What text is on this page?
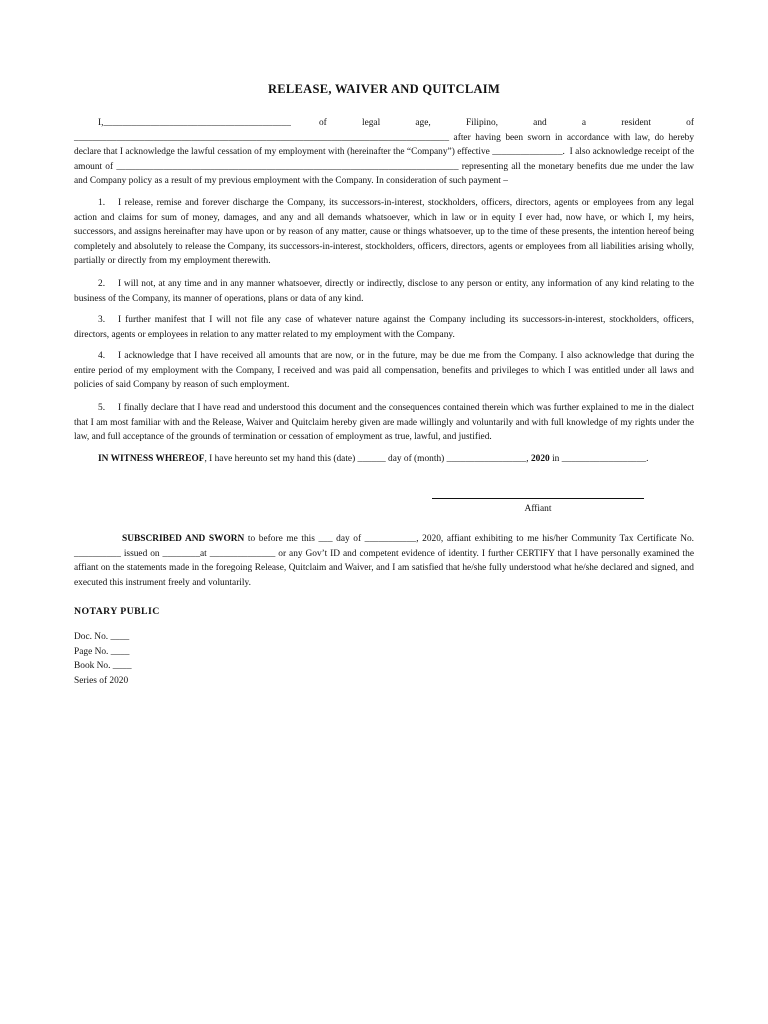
RELEASE, WAIVER AND QUITCLAIM

I, ________________________________________	of	legal	age,	Filipino,	and	a	resident	of

________________________________________________________________________________ after having been sworn in accordance with law, do hereby declare that I acknowledge the lawful cessation of my employment with (hereinafter the “Company”) effective _______________. I also acknowledge receipt of the amount of _________________________________________________________________________ representing all the monetary benefits due me under the law and Company policy as a result of my previous employment with the Company. In consideration of such payment –

1. I release, remise and forever discharge the Company, its successors-in-interest, stockholders, officers, directors, agents or employees from any legal action and claims for sum of money, damages, and any and all demands whatsoever, which in law or in equity I ever had, now have, or which I, my heirs, successors, and assigns hereinafter may have upon or by reason of any matter, cause or things whatsoever, up to the time of these presents, the intention hereof being completely and absolutely to release the Company, its successors-in-interest, stockholders, officers, directors, agents or employees from all liabilities arising wholly, partially or directly from my employment therewith.

2. I will not, at any time and in any manner whatsoever, directly or indirectly, disclose to any person or entity, any information of any kind relating to the business of the Company, its manner of operations, plans or data of any kind.

3. I further manifest that I will not file any case of whatever nature against the Company including its successors-in-interest, stockholders, officers, directors, agents or employees in relation to any matter related to my employment with the Company.

4. I acknowledge that I have received all amounts that are now, or in the future, may be due me from the Company. I also acknowledge that during the entire period of my employment with the Company, I received and was paid all compensation, benefits and privileges to which I was entitled under all laws and policies of said Company by reason of such employment.

5. I finally declare that I have read and understood this document and the consequences contained therein which was further explained to me in the dialect that I am most familiar with and the Release, Waiver and Quitclaim hereby given are made willingly and voluntarily and with full knowledge of my rights under the law, and full acceptance of the grounds of termination or cessation of employment as true, lawful, and justified.

IN WITNESS WHEREOF, I have hereunto set my hand this (date) ______ day of (month) _________________, 2020 in __________________.

Affiant

SUBSCRIBED AND SWORN to before me this ___ day of ___________, 2020, affiant exhibiting to me his/her Community Tax Certificate No. __________ issued on ________at ______________ or any Gov’t ID and competent evidence of identity. I further CERTIFY that I have personally examined the affiant on the statements made in the foregoing Release, Quitclaim and Waiver, and I am satisfied that he/she fully understood what he/she declared and signed, and executed this instrument freely and voluntarily.

NOTARY PUBLIC
Doc. No. ____
Page No. ____
Book No. ____
Series of 2020
